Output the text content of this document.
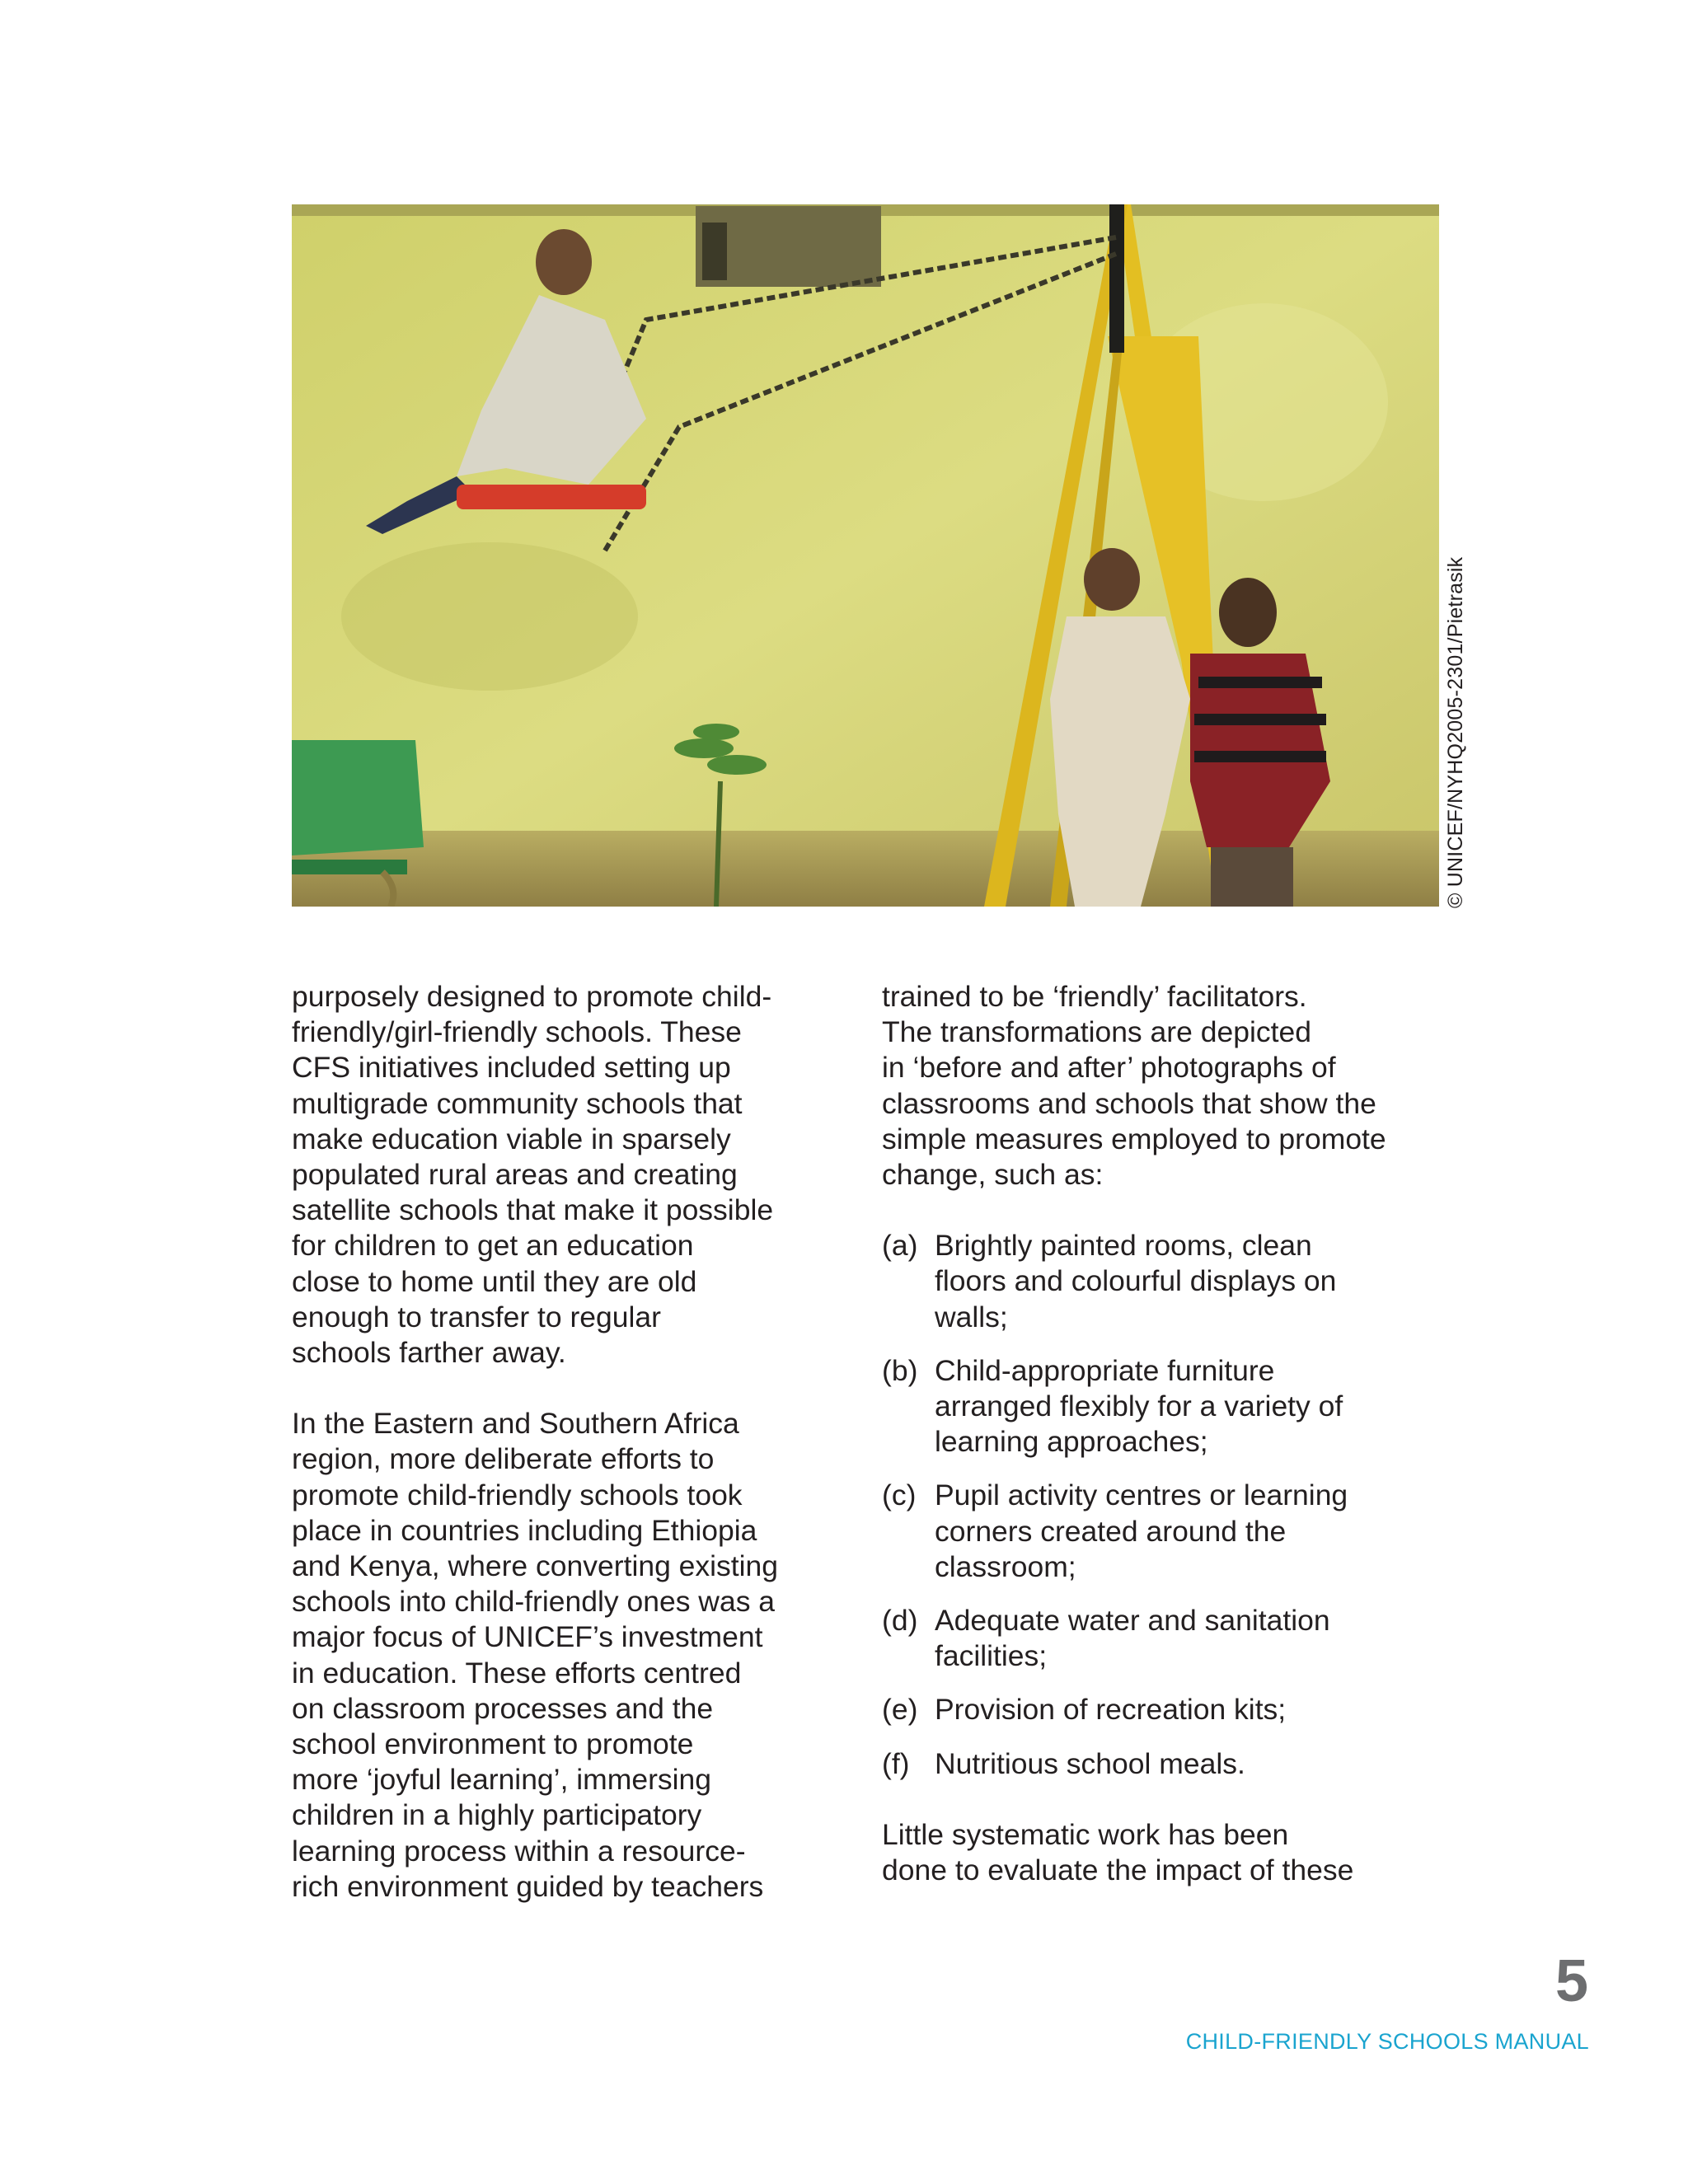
© UNICEF/NYHQ2005-2301/Pietrasik

purposely designed to promote child-
friendly/girl-friendly schools. These
CFS initiatives included setting up
multigrade community schools that
make education viable in sparsely
populated rural areas and creating
satellite schools that make it possible
for children to get an education
close to home until they are old
enough to transfer to regular
schools farther away.

In the Eastern and Southern Africa
region, more deliberate efforts to
promote child-friendly schools took
place in countries including Ethiopia
and Kenya, where converting existing
schools into child-friendly ones was a
major focus of UNICEF’s investment
in education. These efforts centred
on classroom processes and the
school environment to promote
more ‘joyful learning’, immersing
children in a highly participatory
learning process within a resource-
rich environment guided by teachers

trained to be ‘friendly’ facilitators.
The transformations are depicted
in ‘before and after’ photographs of
classrooms and schools that show the
simple measures employed to promote
change, such as:

(a) Brightly painted rooms, clean
floors and colourful displays on
walls;
(b) Child-appropriate furniture
arranged flexibly for a variety of
learning approaches;
(c) Pupil activity centres or learning
corners created around the
classroom;
(d) Adequate water and sanitation
facilities;
(e) Provision of recreation kits;
(f) Nutritious school meals.

Little systematic work has been
done to evaluate the impact of these

5
CHILD-FRIENDLY SCHOOLS MANUAL
